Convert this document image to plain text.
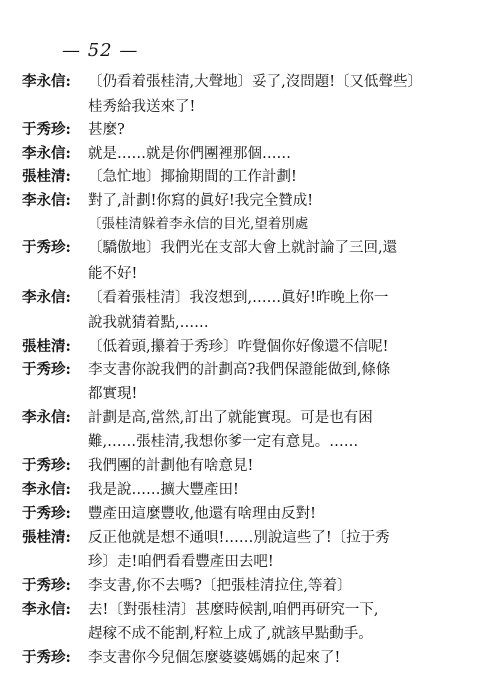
— 52 —
李永信: 〔仍看着張桂清,大聲地〕妥了,沒問題!〔又低聲些〕
桂秀給我送來了!
于秀珍: 甚麼?
李永信: 就是……就是你們團裡那個……
張桂清: 〔急忙地〕揶揄期間的工作計劃!
李永信: 對了,計劃!你寫的眞好!我完全贊成!
〔張桂清躲着李永信的目光,望着別處
于秀珍: 〔驕傲地〕我們光在支部大會上就討論了三回,還
能不好!
李永信: 〔看着張桂清〕我沒想到,……眞好!昨晚上你一
說我就猜着點,……
張桂清: 〔低着頭,攥着于秀珍〕咋覺個你好像還不信呢!
于秀珍: 李支書你說我們的計劃高?我們保證能做到,條條
都實現!
李永信: 計劃是高,當然,訂出了就能實現。可是也有困
難,……張桂清,我想你爹一定有意見。……
于秀珍: 我們團的計劃他有啥意見!
李永信: 我是說……擴大豐產田!
于秀珍: 豐產田這麼豐收,他還有啥理由反對!
張桂清: 反正他就是想不通唄!……別說這些了!〔拉于秀
珍〕走!咱們看看豐產田去吧!
于秀珍: 李支書,你不去嗎?〔把張桂清拉住,等着〕
李永信: 去!〔對張桂清〕甚麼時候割,咱們再研究一下,
趕稼不成不能割,籽粒上成了,就該早點動手。
于秀珍: 李支書你今兒個怎麼婆婆媽媽的起來了!
